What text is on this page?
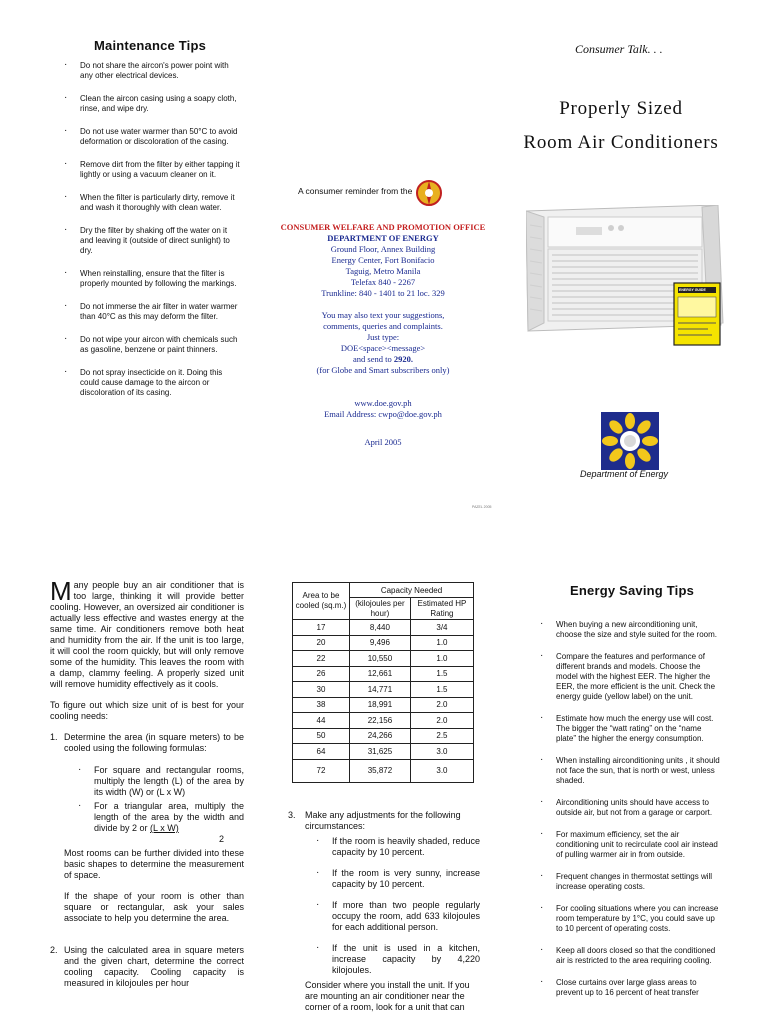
Maintenance Tips
· Do not share the aircon's power point with any other electrical devices.
· Clean the aircon casing using a soapy cloth, rinse, and wipe dry.
· Do not use water warmer than 50°C to avoid deformation or discoloration of the casing.
· Remove dirt from the filter by either tapping it lightly or using a vacuum cleaner on it.
· When the filter is particularly dirty, remove it and wash it thoroughly with clean water.
· Dry the filter by shaking off the water on it and leaving it (outside of direct sunlight) to dry.
· When reinstalling, ensure that the filter is properly mounted by following the markings.
· Do not immerse the air filter in water warmer than 40°C as this may deform the filter.
· Do not wipe your aircon with chemicals such as gasoline, benzene or paint thinners.
· Do not spray insecticide on it. Doing this could cause damage to the aircon or discoloration of its casing.
A consumer reminder from the
CONSUMER WELFARE AND PROMOTION OFFICE
DEPARTMENT OF ENERGY
Ground Floor, Annex Building
Energy Center, Fort Bonifacio
Taguig, Metro Manila
Telefax 840 - 2267
Trunkline: 840 - 1401 to 21 loc. 329
You may also text your suggestions,
comments, queries and complaints.
Just type:
DOE<space><message>
and send to 2920.
(for Globe and Smart subscribers only)
www.doe.gov.ph
Email Address: cwpo@doe.gov.ph
April 2005
PAZEL 2005
Consumer Talk. . .
Properly Sized
Room Air Conditioners
ENERGY GUIDE
Department of Energy
M any people buy an air conditioner that is too large, thinking it will provide better cooling. However, an oversized air conditioner is actually less effective and wastes energy at the same time. Air conditioners remove both heat and humidity from the air. If the unit is too large, it will cool the room quickly, but will only remove some of the humidity. This leaves the room with a damp, clammy feeling. A properly sized unit will remove humidity effectively as it cools.
To figure out which size unit of is best for your cooling needs:
1. Determine the area (in square meters) to be cooled using the following formulas:
· For square and rectangular rooms, multiply the length (L) of the area by its width (W) or (L x W)
· For a triangular area, multiply the length of the area by the width and divide by 2 or (L x W)
2
Most rooms can be further divided into these basic shapes to determine the measurement of space.
If the shape of your room is other than square or rectangular, ask your sales associate to help you determine the area.
2. Using the calculated area in square meters and the given chart, determine the correct cooling capacity. Cooling capacity is measured in kilojoules per hour
Area to be cooled (sq.m.)	Capacity Needed	
	(kilojoules per hour)	Estimated HP Rating
17	8,440	3/4
20	9,496	1.0
22	10,550	1.0
26	12,661	1.5
30	14,771	1.5
38	18,991	2.0
44	22,156	2.0
50	24,266	2.5
64	31,625	3.0
72	35,872	3.0
3. Make any adjustments for the following circumstances:
· If the room is heavily shaded, reduce capacity by 10 percent.
· If the room is very sunny, increase capacity by 10 percent.
· If more than two people regularly occupy the room, add 633 kilojoules for each additional person.
· If the unit is used in a kitchen, increase capacity by 4,220 kilojoules.
Consider where you install the unit. If you are mounting an air conditioner near the corner of a room, look for a unit that can
Energy Saving Tips
· When buying a new airconditioning unit, choose the size and style suited for the room.
· Compare the features and performance of different brands and models. Choose the model with the highest EER. The higher the EER, the more efficient is the unit. Check the energy guide (yellow label) on the unit.
· Estimate how much the energy use will cost. The bigger the “watt rating” on the “name plate” the higher the energy consumption.
· When installing airconditioning units , it should not face the sun, that is north or west, unless shaded.
· Airconditioning units should have access to outside air, but not from a garage or carport.
· For maximum efficiency, set the air conditioning unit to recirculate cool air instead of pulling warmer air in from outside.
· Frequent changes in thermostat settings will increase operating costs.
· For cooling situations where you can increase room temperature by 1°C, you could save up to 10 percent of operating costs.
· Keep all doors closed so that the conditioned air is restricted to the area requiring cooling.
· Close curtains over large glass areas to prevent up to 16 percent of heat transfer
